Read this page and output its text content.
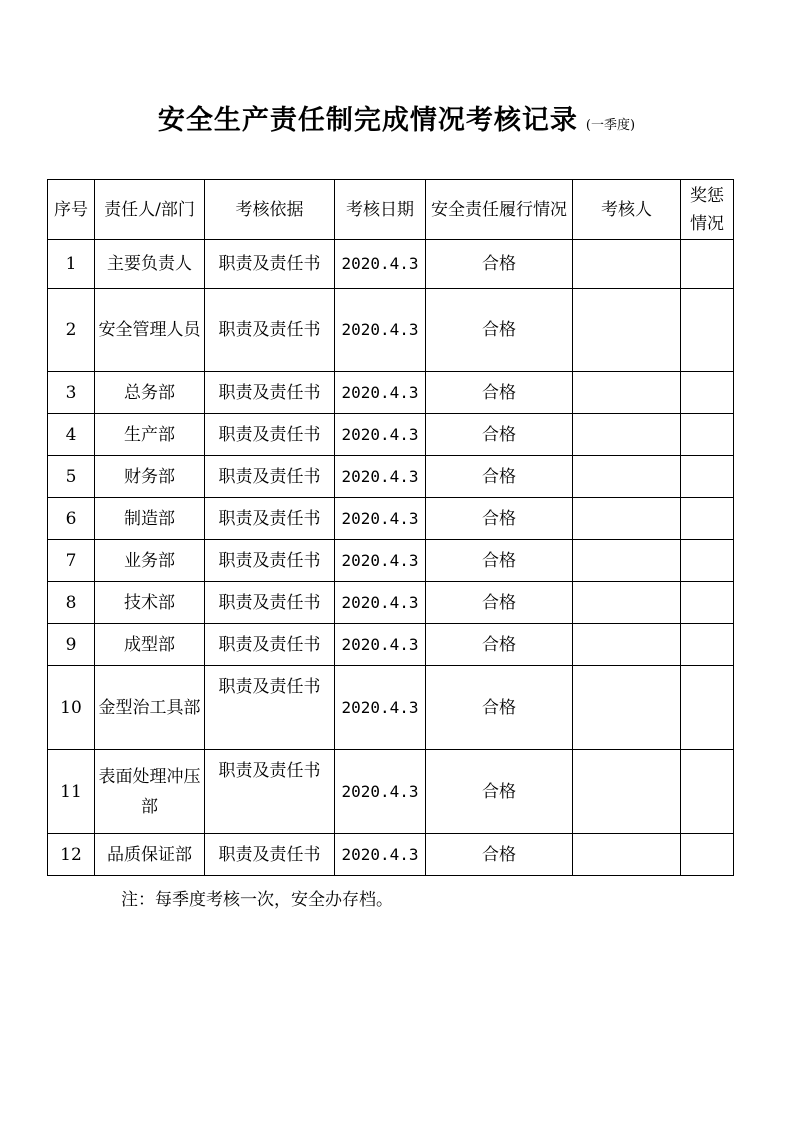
安全生产责任制完成情况考核记录 (一季度)
序号	责任人/部门	考核依据	考核日期	安全责任履行情况	考核人	奖惩情况
1	主要负责人	职责及责任书	2020.4.3	合格		
2	安全管理人员	职责及责任书	2020.4.3	合格		
3	总务部	职责及责任书	2020.4.3	合格		
4	生产部	职责及责任书	2020.4.3	合格		
5	财务部	职责及责任书	2020.4.3	合格		
6	制造部	职责及责任书	2020.4.3	合格		
7	业务部	职责及责任书	2020.4.3	合格		
8	技术部	职责及责任书	2020.4.3	合格		
9	成型部	职责及责任书	2020.4.3	合格		
10	金型治工具部	职责及责任书	2020.4.3	合格		
11	表面处理冲压部	职责及责任书	2020.4.3	合格		
12	品质保证部	职责及责任书	2020.4.3	合格		
注：每季度考核一次，安全办存档。
